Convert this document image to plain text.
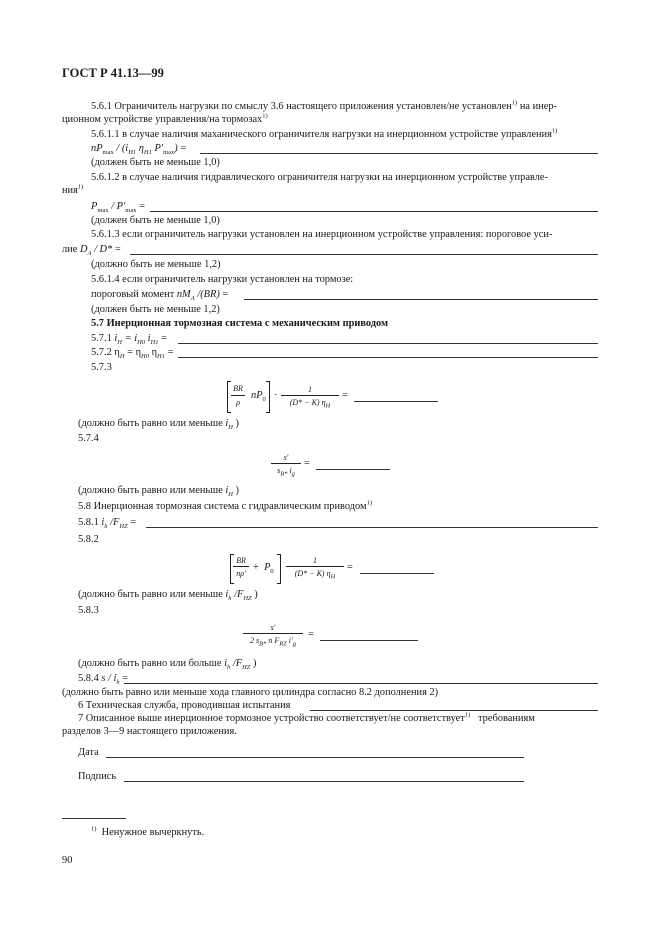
ГОСТ Р 41.13—99
5.6.1 Ограничитель нагрузки по смыслу 3.6 настоящего приложения установлен/не установлен$^{1)}$ на инер-
ционном устройстве управления/на тормозах$^{1)}$
5.6.1.1 в случае наличия маханического ограничителя нагрузки на инерционном устройстве управления$^{1)}$
$nP_{max} / (i_{H1}$ $\eta_{H1}$ $P'_{max}$) =
(должен быть не меньше 1,0)
5.6.1.2 в случае наличия гидравлического ограничителя нагрузки на инерционном устройстве управле-
ния$^{1)}$
$P_{max} / P'_{max}$ =
(должен быть не меньше 1,0)
5.6.1.3 если ограничитель нагрузки установлен на инерционном устройстве управления: пороговое уси-
лие $D_A / D*$ =
(должно быть не меньше 1,2)
5.6.1.4 если ограничитель нагрузки установлен на тормозе:
пороговый момент $nM_A$ /(BR) =
(должен быть не меньше 1,2)
5.7 Инерционная тормозная система с механическим приводом
5.7.1 $i_H = i_{H0}$ $i_{H1}$ =
5.7.2 $\eta_H = \eta_{H0}$ $\eta_{H1}$ =
5.7.3
BR
ρ
$nP_0$ ·
1
(D* − K) $\eta_H$
=
(должно быть равно или меньше $i_H$ )
5.7.4
s′
$s_{B*}$ $i_g$
=
(должно быть равно или меньше $i_H$ )
5.8 Инерционная тормозная система с гидравлическим приводом$^{1)}$
5.8.1 $i_h$ $/F_{HZ}$ =
5.8.2
BR
nρ′
+  $P_0$
1
(D* − K) $\eta_H$
=
(должно быть равно или меньше $i_h$ $/F_{HZ}$ )
5.8.3
s′
2 $s_{B*}$ n $F_{RZ}$ $i'_g$
=
(должно быть равно или больше $i_h$ $/F_{HZ}$ )
5.8.4 s / $i_h$ =
(должно быть равно или меньше хода главного цилиндра согласно 8.2 дополнения 2)
6 Техническая служба, проводившая испытания
7 Описанное выше инерционное тормозное устройство соответствует/не соответствует$^{1)}$ требованиям
разделов 3—9 настоящего приложения.
Дата
Подпись
$^{1)}$ Ненужное вычеркнуть.
90
